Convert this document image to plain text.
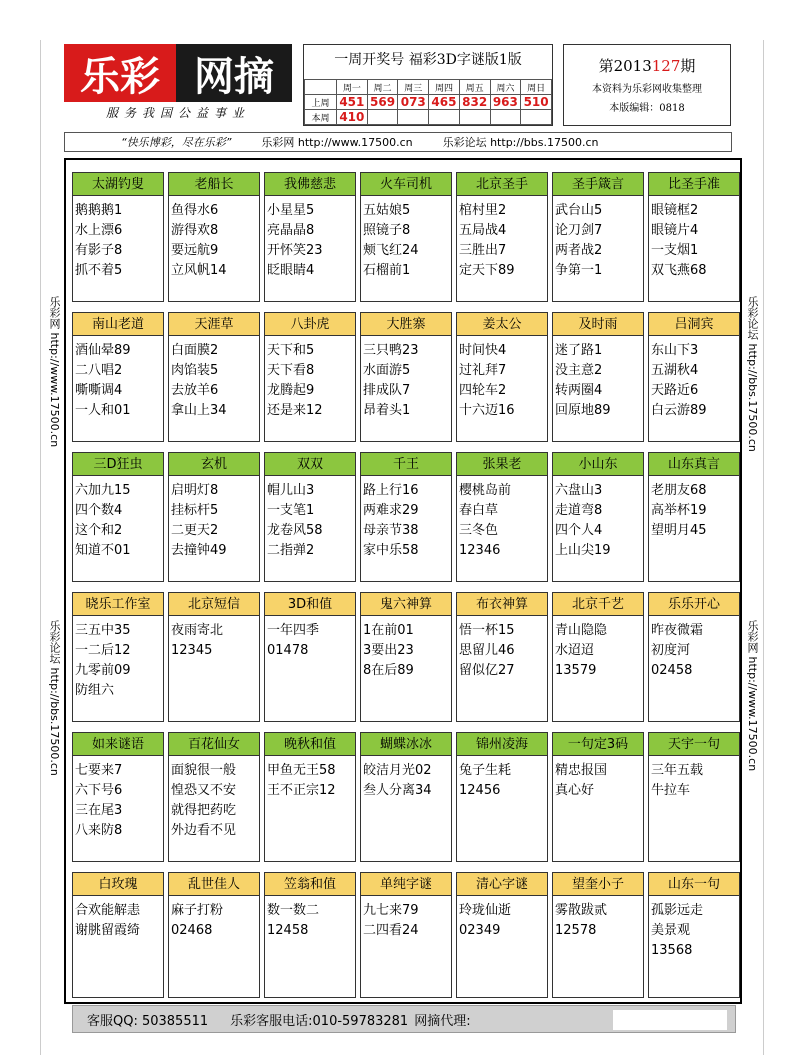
乐彩 网摘
服务我国公益事业
一周开奖号 福彩3D字谜版1版
	周一	周二	周三	周四	周五	周六	周日
上周	451	569	073	465	832	963	510
本周	410						
第2013127期
本资料为乐彩网收集整理
本版编辑：0818
“快乐博彩，尽在乐彩”	乐彩网 http://www.17500.cn	乐彩论坛 http://bbs.17500.cn
乐彩网 http://www.17500.cn
乐彩论坛 http://bbs.17500.cn
乐彩论坛 http://bbs.17500.cn
乐彩网 http://www.17500.cn
太湖钓叟
鹅鹅鹅1
水上漂6
有影子8
抓不着5
老船长
鱼得水6
游得欢8
要远航9
立风帆14
我佛慈悲
小星星5
亮晶晶8
开怀笑23
眨眼睛4
火车司机
五姑娘5
照镜子8
颊飞红24
石榴前1
北京圣手
棺村里2
五局战4
三胜出7
定天下89
圣手箴言
武台山5
论刀剑7
两者战2
争第一1
比圣手准
眼镜框2
眼镜片4
一支烟1
双飞燕68
南山老道
酒仙晕89
二八唱2
嘶嘶调4
一人和01
天涯草
白面膜2
肉馅装5
去放羊6
拿山上34
八卦虎
天下和5
天下看8
龙腾起9
还是来12
大胜寨
三只鸭23
水面游5
排成队7
昂着头1
姜太公
时间快4
过礼拜7
四轮车2
十六迈16
及时雨
迷了路1
没主意2
转两圈4
回原地89
吕洞宾
东山下3
五湖秋4
天路近6
白云游89
三D狂虫
六加九15
四个数4
这个和2
知道不01
玄机
启明灯8
挂标杆5
二更天2
去撞钟49
双双
帽儿山3
一支笔1
龙卷风58
二指弹2
千王
路上行16
两难求29
母亲节38
家中乐58
张果老
樱桃岛前
春白草
三冬色
12346
小山东
六盘山3
走道弯8
四个人4
上山尖19
山东真言
老朋友68
高举杯19
望明月45
晓乐工作室
三五中35
一二后12
九零前09
防组六
北京短信
夜雨寄北
12345
3D和值
一年四季
01478
鬼六神算
1在前01
3要出23
8在后89
布衣神算
悟一杯15
思留儿46
留似亿27
北京千艺
青山隐隐
水迢迢
13579
乐乐开心
昨夜微霜
初度河
02458
如来谜语
七要来7
六下号6
三在尾3
八来防8
百花仙女
面貌很一般
惶恐又不安
就得把药吃
外边看不见
晚秋和值
甲鱼无王58
王不正宗12
蝴蝶冰冰
皎洁月光02
叁人分离34
锦州凌海
兔子生耗
12456
一句定3码
精忠报国
真心好
天宇一句
三年五载
牛拉车
白玫瑰
合欢能解恚
谢朓留霞绮
乱世佳人
麻子打粉
02468
笠翁和值
数一数二
12458
单纯字谜
九七来79
二四看24
清心字谜
玲珑仙逝
02349
望奎小子
雾散跋贰
12578
山东一句
孤影远走
美景观
13568
客服QQ: 50385511 乐彩客服电话:010-59783281 网摘代理:
